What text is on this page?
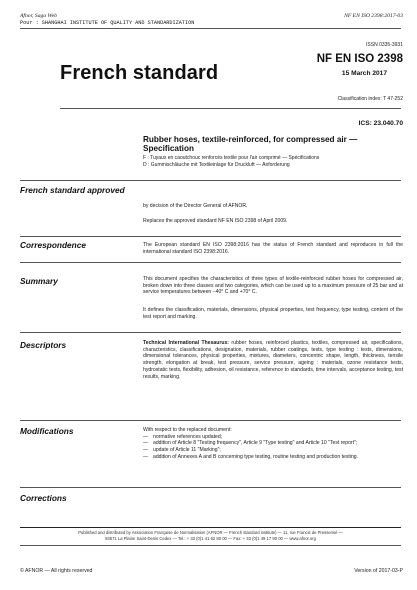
Afnor, Saga Web
Pour : SHANGHAI INSTITUTE OF QUALITY AND STANDARDIZATION
NF EN ISO 2398:2017-03
ISSN 0335-3931
French standard
NF EN ISO 2398
15 March 2017
Classification index: T 47-252
ICS: 23.040.70
Rubber hoses, textile-reinforced, for compressed air — Specification
F : Tuyaux en caoutchouc renforcés textile pour l'air comprimé — Spécifications
D : Gummischläuche mit Textileinlage für Druckluft — Anforderung
French standard approved
by decision of the Director General of AFNOR.
Replaces the approved standard NF EN ISO 2398 of April 2009.
Correspondence	The European standard EN ISO 2398:2016 has the status of French standard and reproduces in full the international standard ISO 2398:2016.
Summary	This document specifies the characteristics of three types of textile-reinforced rubber hoses for compressed air, broken down into three classes and two categories, which can be used up to a maximum pressure of 25 bar and at service temperatures between −40° C and +70° C.
It defines the classification, materials, dimensions, physical properties, test frequency, type testing, content of the test report and marking.
Descriptors	Technical International Thesaurus: rubber hoses, reinforced plastics, textiles, compressed air, specifications, characteristics, classifications, designation, materials, rubber coatings, tests, type testing : tests, dimensions, dimensional tolerances, physical properties, mixtures, diameters, concentric shape, length, thickness, tensile strength, elongation at break, test pressure, service pressure, ageing : materials, ozone resistance tests, hydrostatic tests, flexibility, adhesion, oil resistance, reference to standards, time intervals, acceptance testing, test results, marking.
Modifications	With respect to the replaced document:
— normative references updated;
— addition of Article 8 "Testing frequency", Article 9 "Type testing" and Article 10 "Test report";
— update of Article 11 "Marking";
— addition of Annexes A and B concerning type testing, routine testing and production testing.
Corrections
Published and distributed by Association Française de Normalisation (AFNOR — French standard institute) — 11, rue Francis de Pressensé —
93571 La Plaine Saint-Denis Cedex — Tel.: + 33 (0)1 41 62 80 00 — Fax: + 33 (0)1 49 17 90 00 — www.afnor.org
© AFNOR — All rights reserved	Version of 2017-03-P
